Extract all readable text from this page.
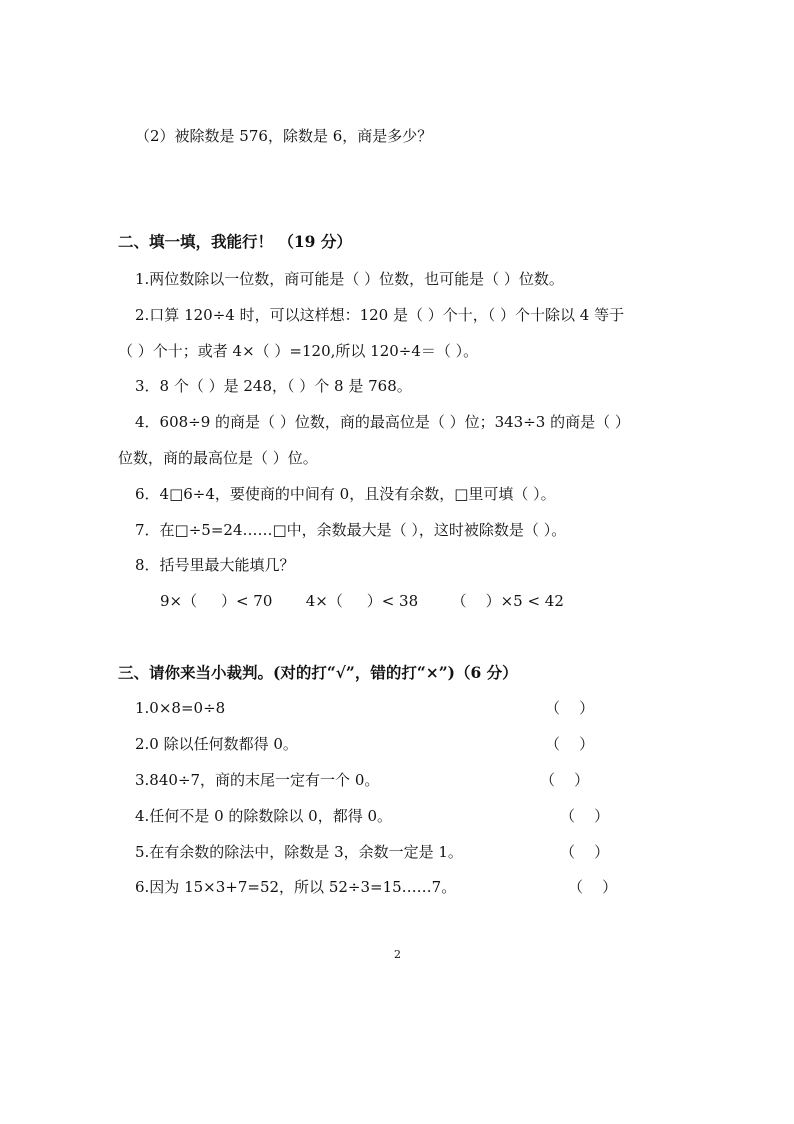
（2）被除数是 576，除数是 6，商是多少？
二、填一填，我能行！ （19 分）
1.两位数除以一位数，商可能是（ ）位数，也可能是（ ）位数。
2.口算 120÷4 时，可以这样想：120 是（ ）个十，（ ）个十除以 4 等于
（ ）个十；或者 4×（ ）=120,所以 120÷4＝（ ）。
3．8 个（ ）是 248，（ ）个 8 是 768。
4．608÷9 的商是（ ）位数，商的最高位是（ ）位；343÷3 的商是（ ）
位数，商的最高位是（ ）位。
6．4□6÷4，要使商的中间有 0，且没有余数，□里可填（ ）。
7．在□÷5=24……□中，余数最大是（ ），这时被除数是（ ）。
8．括号里最大能填几？
9×（     ）< 70       4×（     ）< 38       （    ）×5 < 42
三、请你来当小裁判。(对的打“√”，错的打“×”)（6 分）
1.0×8=0÷8	（    ）
2.0 除以任何数都得 0。	（    ）
3.840÷7，商的末尾一定有一个 0。	（    ）
4.任何不是 0 的除数除以 0，都得 0。	（    ）
5.在有余数的除法中，除数是 3，余数一定是 1。	（    ）
6.因为 15×3+7=52，所以 52÷3=15……7。	（    ）
2
